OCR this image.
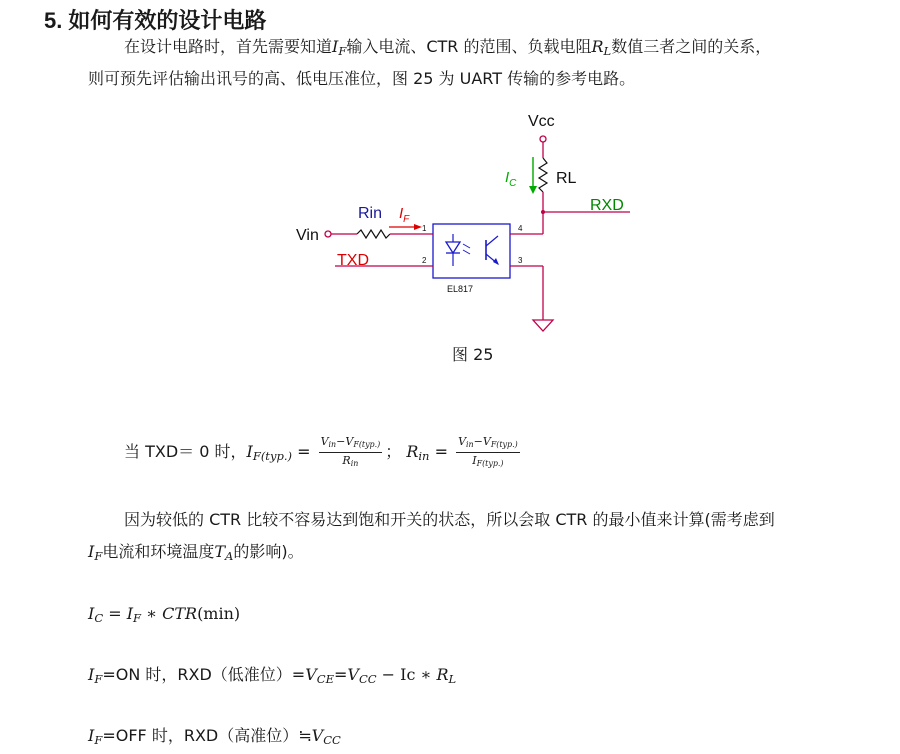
5. 如何有效的设计电路
在设计电路时，首先需要知道$I_F$输入电流、CTR 的范围、负载电阻$R_L$数值三者之间的关系，
则可预先评估输出讯号的高、低电压准位，图 25 为 UART 传输的参考电路。
Vcc
RL
$I_C$
RXD
EL817
4
3
Vin	1
Rin $I_F$
TXD	2
图 25
当 TXD＝ 0 时，$I_{F(typ.)} = \frac{V_{in}-V_{F(typ.)}}{R_{in}}$ ； $R_{in} = \frac{V_{in}-V_{F(typ.)}}{I_{F(typ.)}}$
因为较低的 CTR 比较不容易达到饱和开关的状态，所以会取 CTR 的最小值来计算(需考虑到
$I_F$电流和环境温度$T_A$的影响)。
$I_C = I_F$ ∗ CTR(min)
$I_F=ON$ 时，RXD（低准位）$=V_{CE}=V_{CC} - Ic$ ∗ $R_L$
$I_F=OFF$ 时，RXD（高准位）$≒V_{CC}$
